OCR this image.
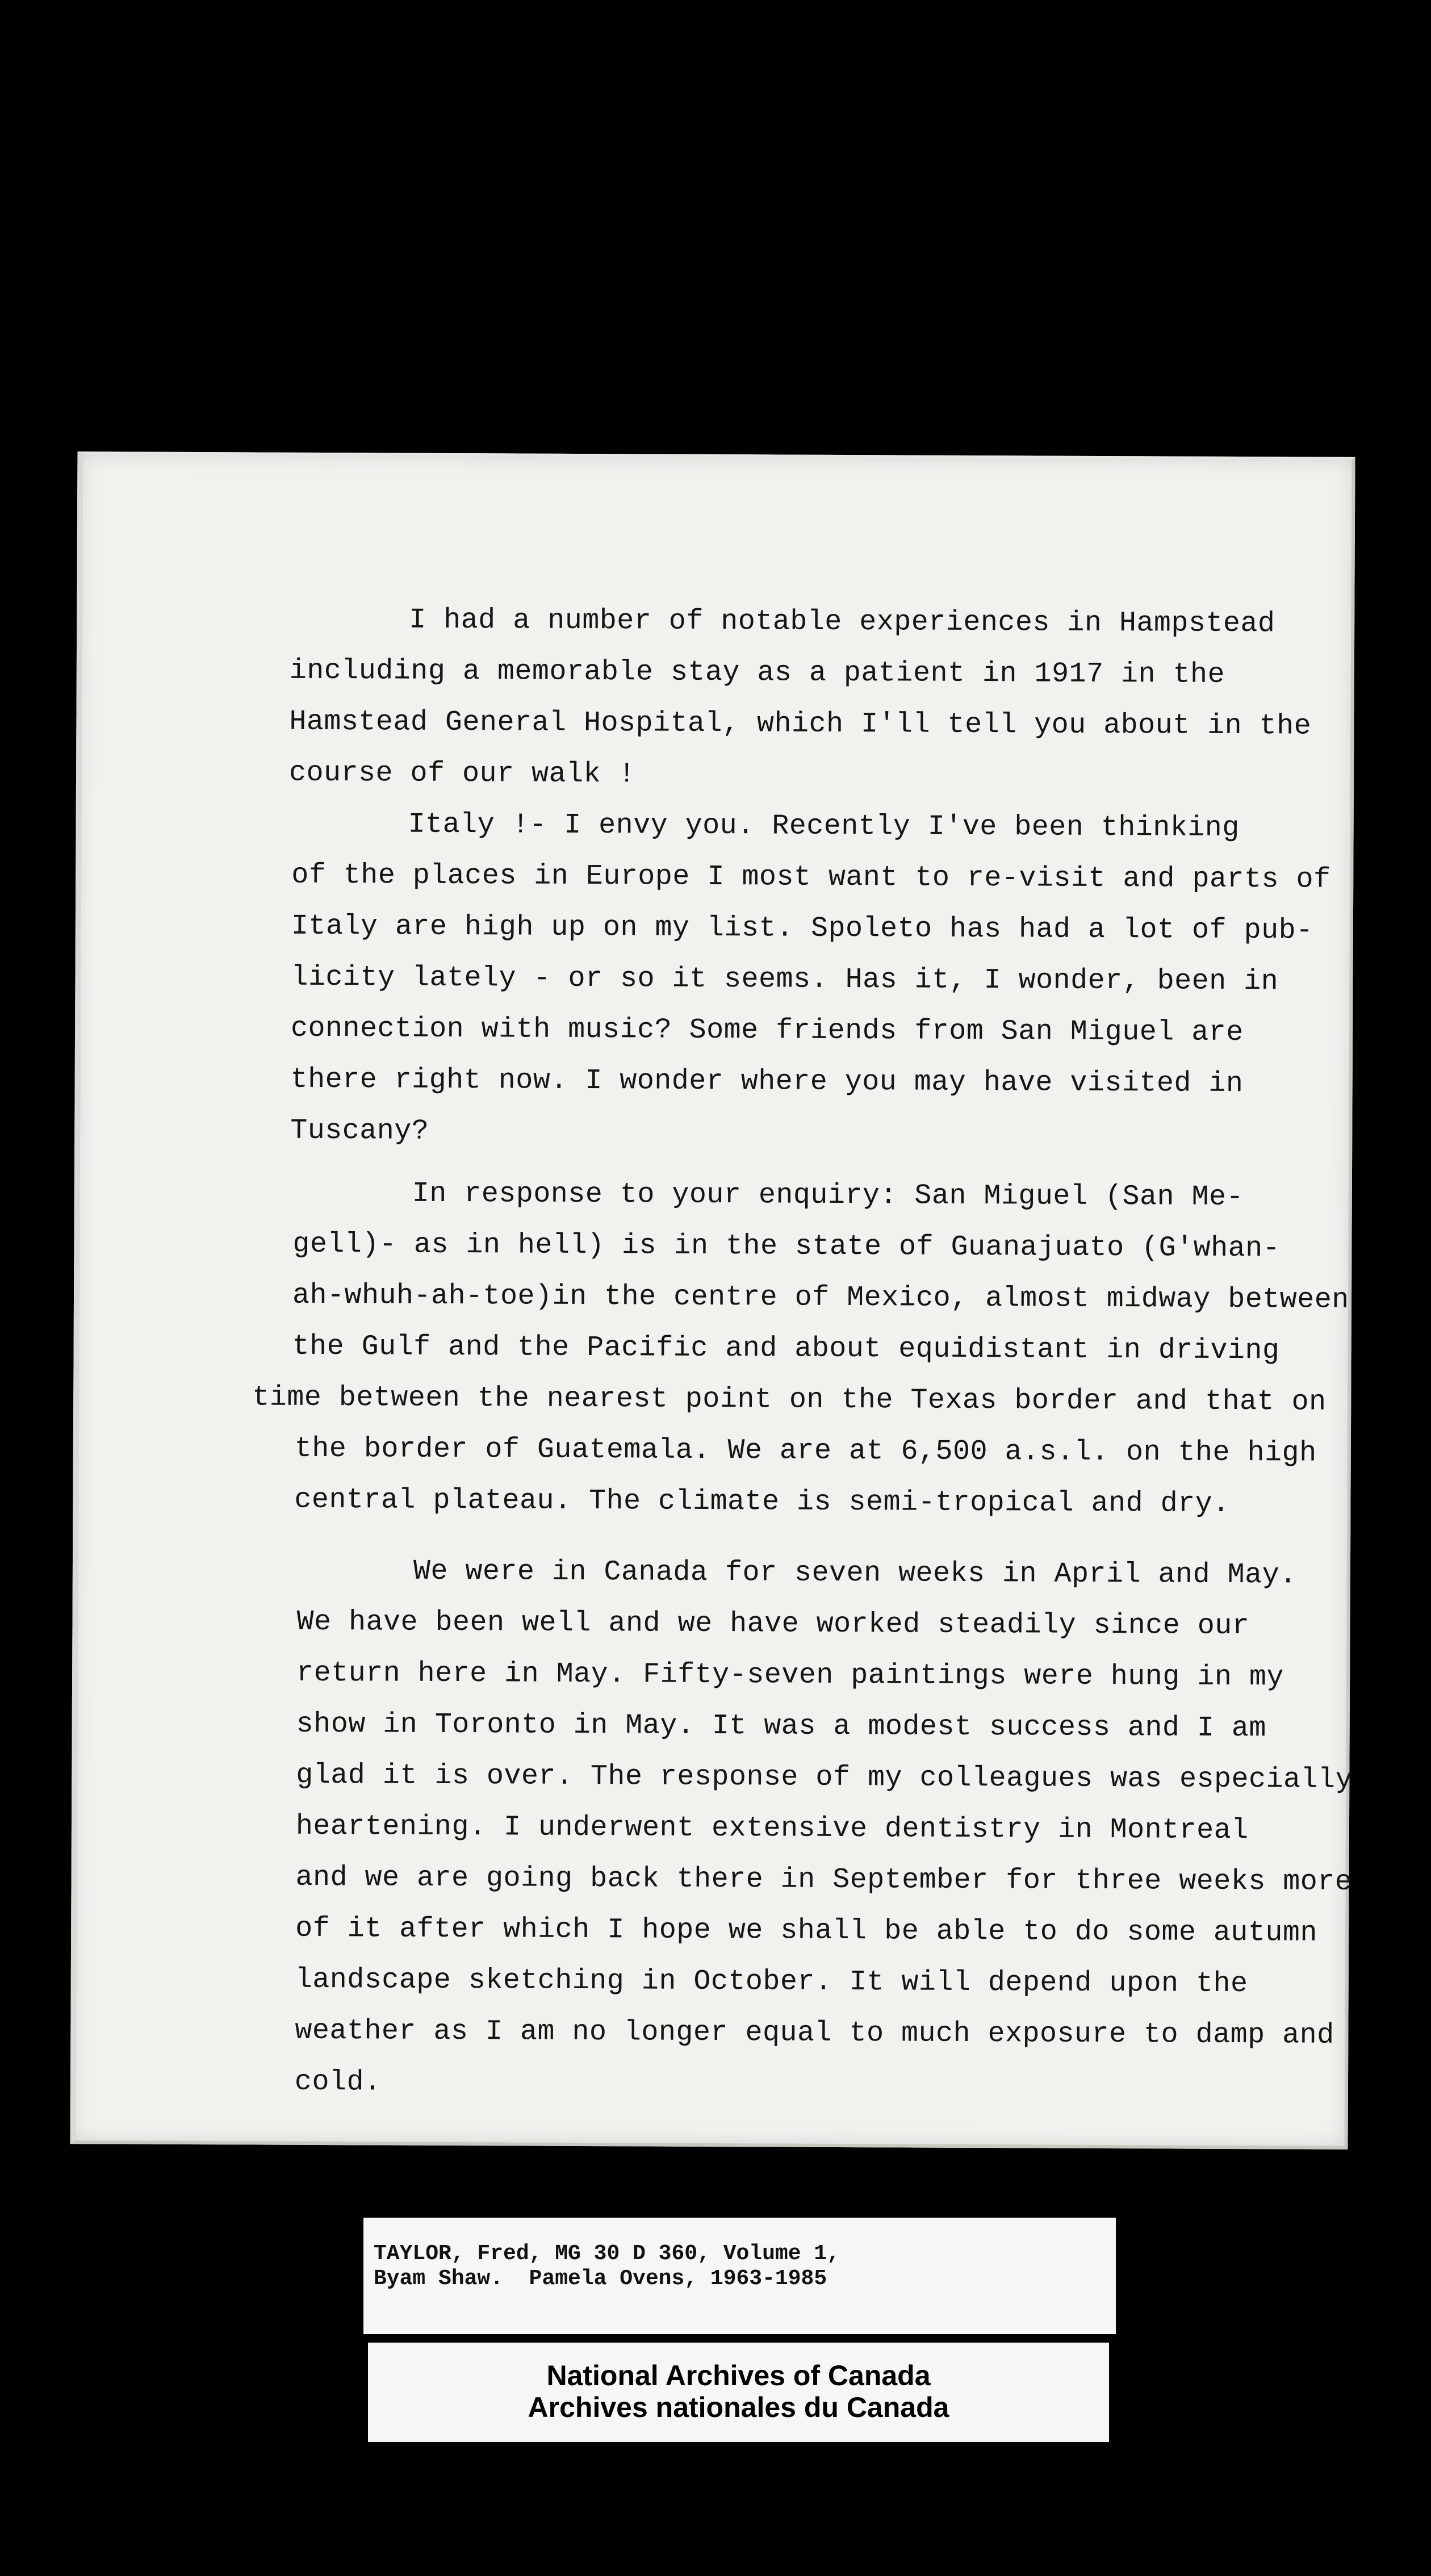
I had a number of notable experiences in Hampstead
including a memorable stay as a patient in 1917 in the
Hamstead General Hospital, which I'll tell you about in the
course of our walk !
Italy !- I envy you. Recently I've been thinking
of the places in Europe I most want to re-visit and parts of
Italy are high up on my list. Spoleto has had a lot of pub-
licity lately - or so it seems. Has it, I wonder, been in
connection with music? Some friends from San Miguel are
there right now. I wonder where you may have visited in
Tuscany?
In response to your enquiry: San Miguel (San Me-
gell)- as in hell) is in the state of Guanajuato (G'whan-
ah-whuh-ah-toe)in the centre of Mexico, almost midway between
the Gulf and the Pacific and about equidistant in driving
time between the nearest point on the Texas border and that on
the border of Guatemala. We are at 6,500 a.s.l. on the high
central plateau. The climate is semi-tropical and dry.
We were in Canada for seven weeks in April and May.
We have been well and we have worked steadily since our
return here in May. Fifty-seven paintings were hung in my
show in Toronto in May. It was a modest success and I am
glad it is over. The response of my colleagues was especially
heartening. I underwent extensive dentistry in Montreal
and we are going back there in September for three weeks more
of it after which I hope we shall be able to do some autumn
landscape sketching in October. It will depend upon the
weather as I am no longer equal to much exposure to damp and
cold.
TAYLOR, Fred, MG 30 D 360, Volume 1,
Byam Shaw.  Pamela Ovens, 1963-1985
National Archives of Canada
Archives nationales du Canada
